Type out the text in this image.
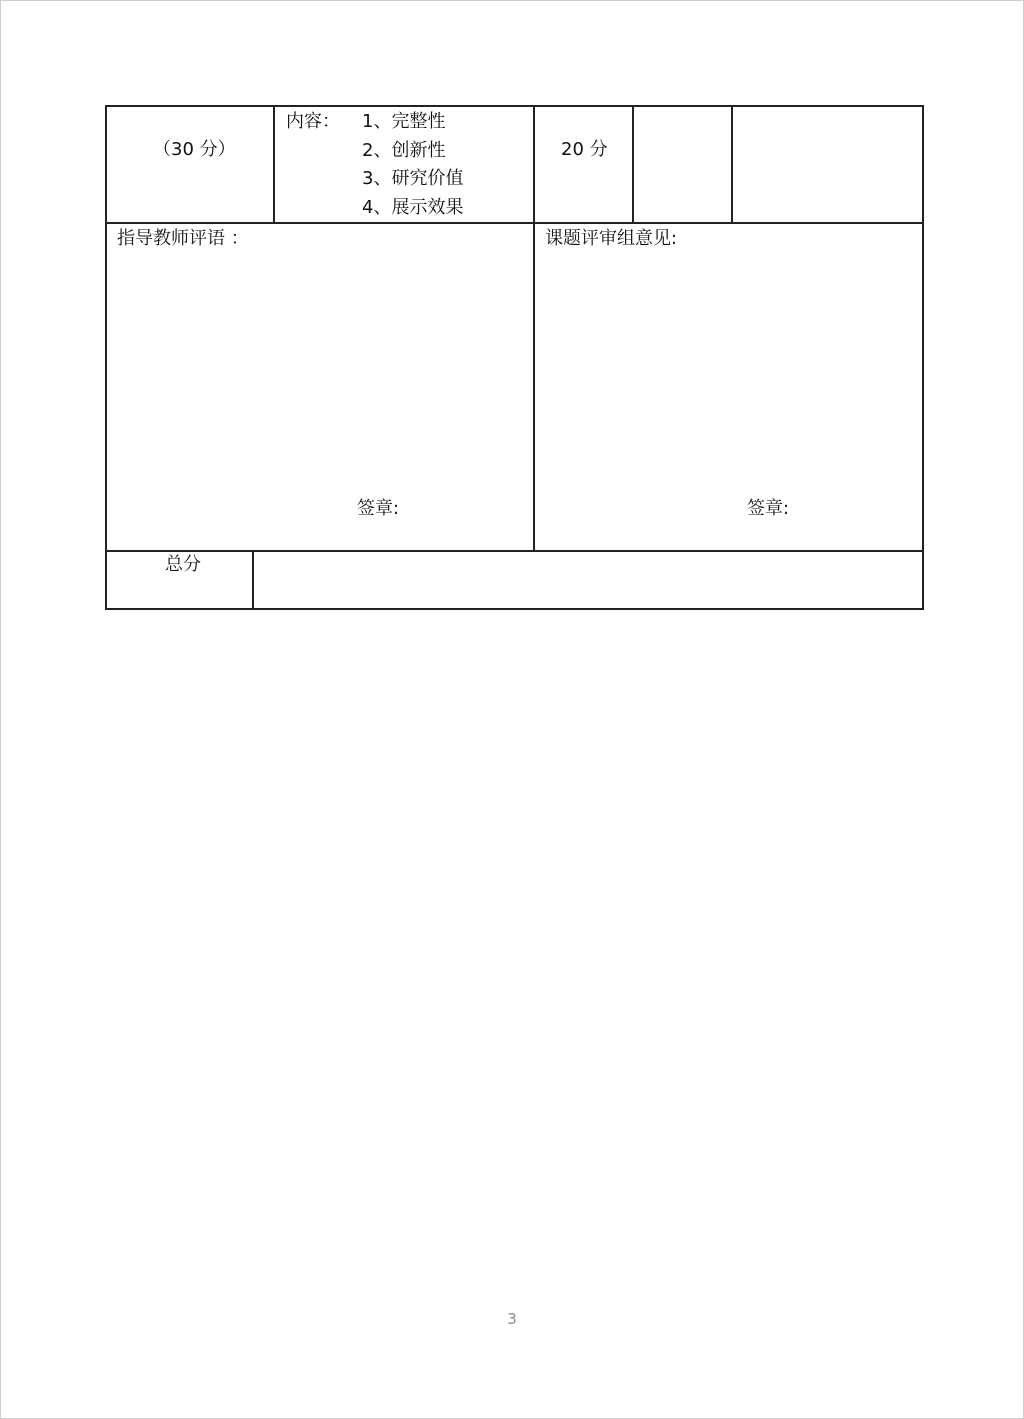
（30 分）
内容： 1、完整性
2、创新性
3、研究价值
4、展示效果
20 分
指导教师评语 ：
签章:
课题评审组意见:
签章:
总分
3
